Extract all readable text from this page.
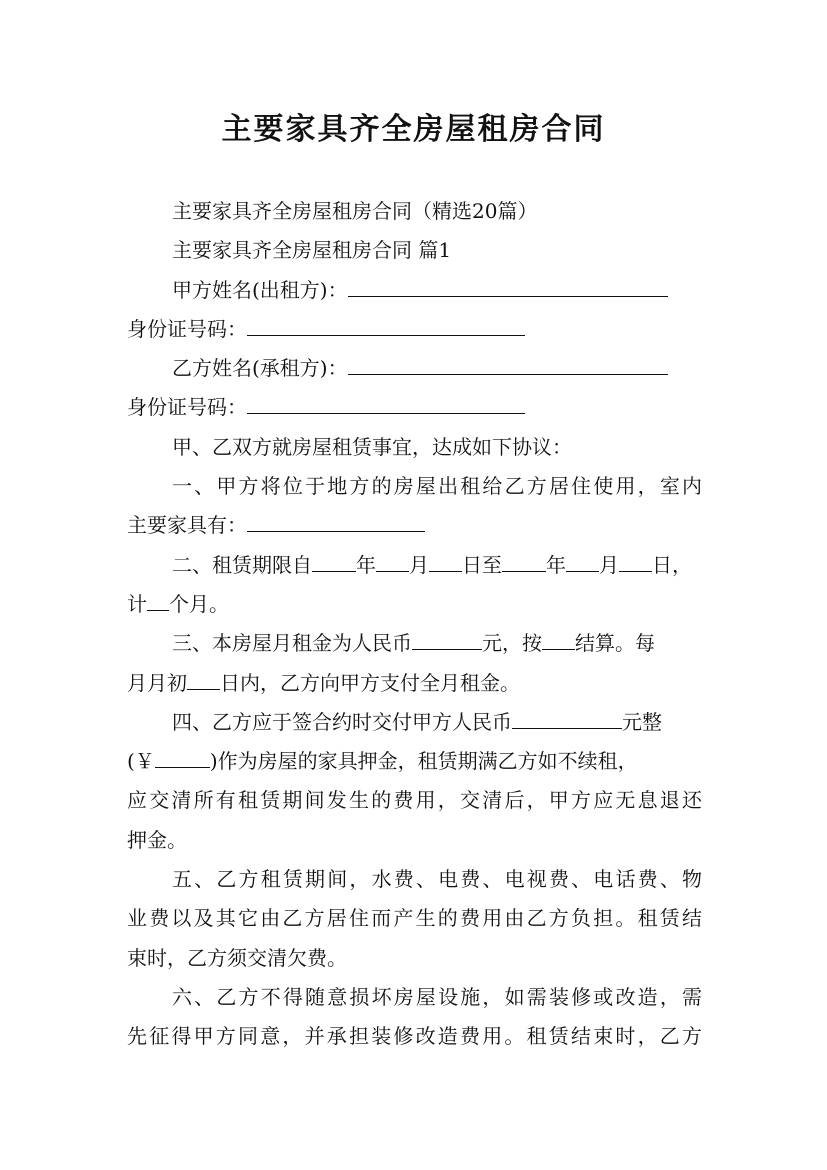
主要家具齐全房屋租房合同
主要家具齐全房屋租房合同（精选20篇）
主要家具齐全房屋租房合同 篇1
甲方姓名(出租方)：
身份证号码：
乙方姓名(承租方)：
身份证号码：
甲、乙双方就房屋租赁事宜，达成如下协议：
一、甲方将位于地方的房屋出租给乙方居住使用，室内
主要家具有：
二、租赁期限自 年 月 日至 年 月 日，
计 个月。
三、本房屋月租金为人民币	元，按 结算。每
月月初 日内，乙方向甲方支付全月租金。
四、乙方应于签合约时交付甲方人民币	元整
(￥	)作为房屋的家具押金，租赁期满乙方如不续租，
应交清所有租赁期间发生的费用，交清后，甲方应无息退还
押金。
五、乙方租赁期间，水费、电费、电视费、电话费、物
业费以及其它由乙方居住而产生的费用由乙方负担。租赁结
束时，乙方须交清欠费。
六、乙方不得随意损坏房屋设施，如需装修或改造，需
先征得甲方同意，并承担装修改造费用。租赁结束时，乙方
